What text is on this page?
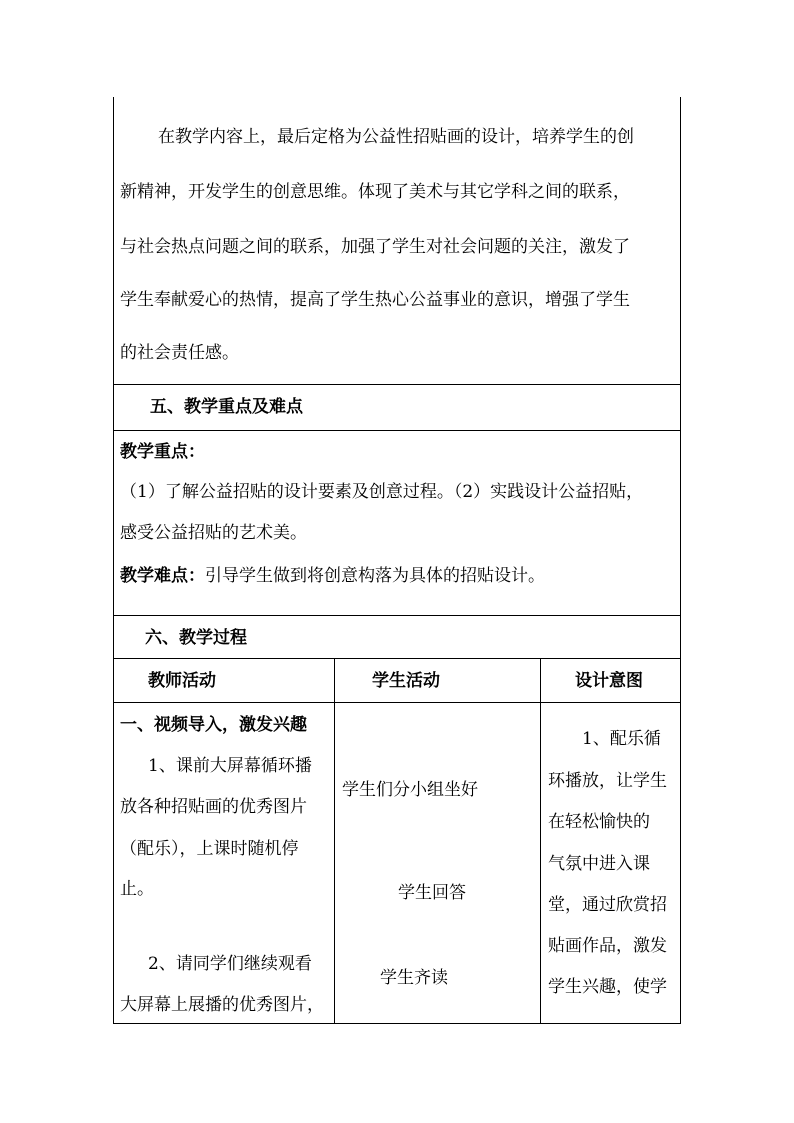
在教学内容上，最后定格为公益性招贴画的设计，培养学生的创
新精神，开发学生的创意思维。体现了美术与其它学科之间的联系，
与社会热点问题之间的联系，加强了学生对社会问题的关注，激发了
学生奉献爱心的热情，提高了学生热心公益事业的意识，增强了学生
的社会责任感。
五、教学重点及难点
教学重点：
（1）了解公益招贴的设计要素及创意过程。（2）实践设计公益招贴，
感受公益招贴的艺术美。
教学难点：引导学生做到将创意构落为具体的招贴设计。
六、教学过程
教师活动	学生活动	设计意图
一、视频导入，激发兴趣
1、课前大屏幕循环播
放各种招贴画的优秀图片
（配乐），上课时随机停
止。
2、请同学们继续观看
大屏幕上展播的优秀图片，
学生们分小组坐好
学生回答
学生齐读
1、配乐循
环播放，让学生
在轻松愉快的
气氛中进入课
堂，通过欣赏招
贴画作品，激发
学生兴趣，使学
